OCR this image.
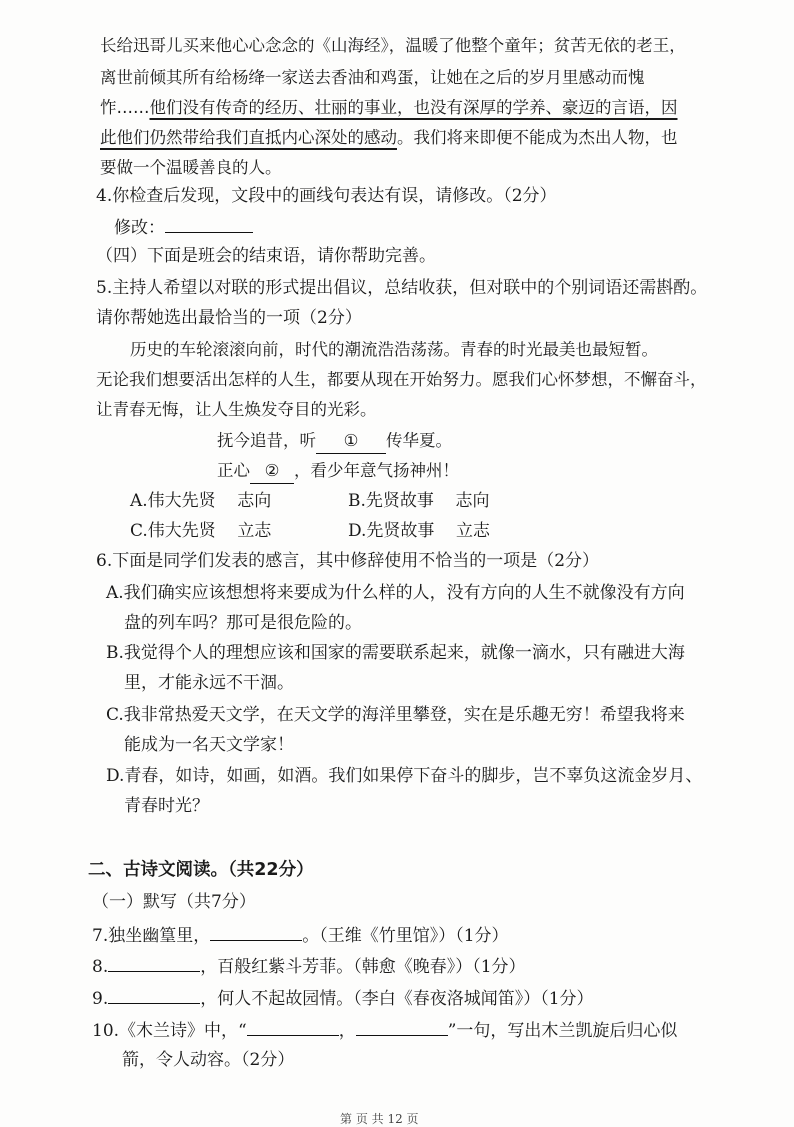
长给迅哥儿买来他心心念念的《山海经》，温暖了他整个童年；贫苦无依的老王，
离世前倾其所有给杨绛一家送去香油和鸡蛋，让她在之后的岁月里感动而愧
怍……他们没有传奇的经历、壮丽的事业，也没有深厚的学养、豪迈的言语，因
此他们仍然带给我们直抵内心深处的感动。我们将来即便不能成为杰出人物，也
要做一个温暖善良的人。
4.你检查后发现，文段中的画线句表达有误，请修改。（2分）
修改：
（四）下面是班会的结束语，请你帮助完善。
5.主持人希望以对联的形式提出倡议，总结收获，但对联中的个别词语还需斟酌。
请你帮她选出最恰当的一项（2分）
历史的车轮滚滚向前，时代的潮流浩浩荡荡。青春的时光最美也最短暂。
无论我们想要活出怎样的人生，都要从现在开始努力。愿我们心怀梦想，不懈奋斗，
让青春无悔，让人生焕发夺目的光彩。
抚今追昔，听 ① 传华夏。
正心 ② ，看少年意气扬神州！
A.伟大先贤    志向	B.先贤故事    志向
C.伟大先贤    立志	D.先贤故事    立志
6.下面是同学们发表的感言，其中修辞使用不恰当的一项是（2分）
A.我们确实应该想想将来要成为什么样的人，没有方向的人生不就像没有方向
盘的列车吗？那可是很危险的。
B.我觉得个人的理想应该和国家的需要联系起来，就像一滴水，只有融进大海
里，才能永远不干涸。
C.我非常热爱天文学，在天文学的海洋里攀登，实在是乐趣无穷！希望我将来
能成为一名天文学家！
D.青春，如诗，如画，如酒。我们如果停下奋斗的脚步，岂不辜负这流金岁月、
青春时光？
二、古诗文阅读。（共22分）
（一）默写（共7分）
7.独坐幽篁里，	。（王维《竹里馆》）（1分）
8.	，百般红紫斗芳菲。（韩愈《晚春》）（1分）
9.	，何人不起故园情。（李白《春夜洛城闻笛》）（1分）
10.《木兰诗》中，“	，	”一句，写出木兰凯旋后归心似
箭，令人动容。（2分）
第 页 共 12 页
